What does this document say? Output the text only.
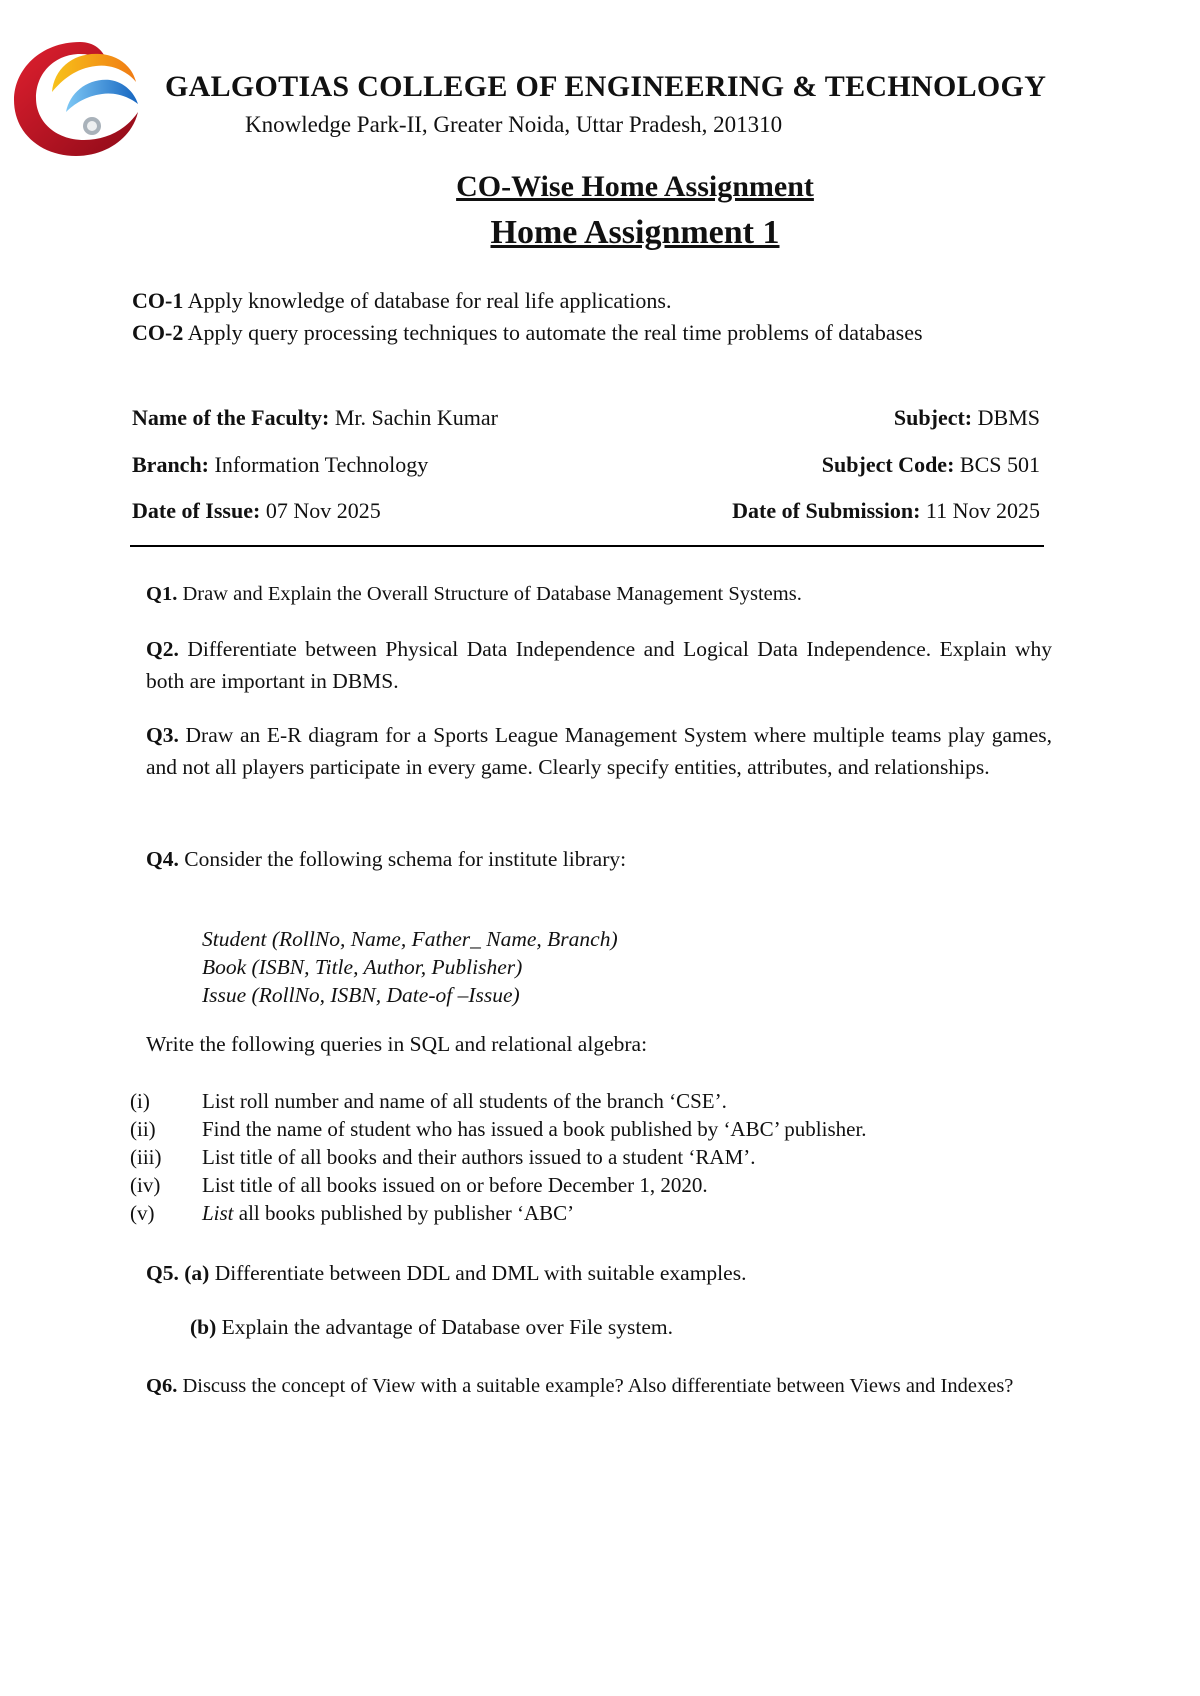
GALGOTIAS COLLEGE OF ENGINEERING & TECHNOLOGY
Knowledge Park-II, Greater Noida, Uttar Pradesh, 201310
CO-Wise Home Assignment
Home Assignment 1
CO-1 Apply knowledge of database for real life applications.
CO-2 Apply query processing techniques to automate the real time problems of databases
Name of the Faculty: Mr. Sachin Kumar	Subject: DBMS
Branch: Information Technology	Subject Code: BCS 501
Date of Issue: 07 Nov 2025	Date of Submission: 11 Nov 2025
Q1. Draw and Explain the Overall Structure of Database Management Systems.
Q2. Differentiate between Physical Data Independence and Logical Data Independence. Explain why both are important in DBMS.
Q3. Draw an E-R diagram for a Sports League Management System where multiple teams play games, and not all players participate in every game. Clearly specify entities, attributes, and relationships.
Q4. Consider the following schema for institute library:
Student (RollNo, Name, Father_ Name, Branch)
Book (ISBN, Title, Author, Publisher)
Issue (RollNo, ISBN, Date-of –Issue)
Write the following queries in SQL and relational algebra:
(i) List roll number and name of all students of the branch ‘CSE’.
(ii) Find the name of student who has issued a book published by ‘ABC’ publisher.
(iii) List title of all books and their authors issued to a student ‘RAM’.
(iv) List title of all books issued on or before December 1, 2020.
(v) List all books published by publisher ‘ABC’
Q5. (a) Differentiate between DDL and DML with suitable examples.
(b) Explain the advantage of Database over File system.
Q6. Discuss the concept of View with a suitable example? Also differentiate between Views and Indexes?
